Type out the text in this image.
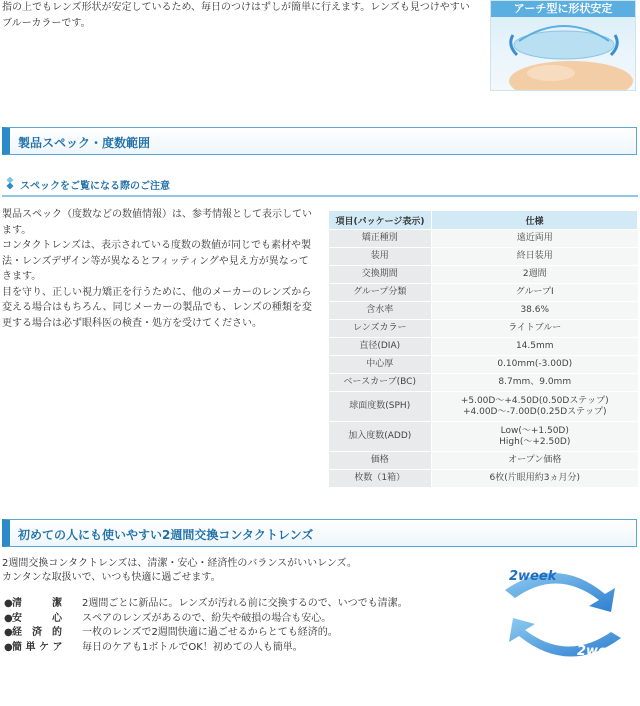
指の上でもレンズ形状が安定しているため、毎日のつけはずしが簡単に行えます。レンズも見つけやすい
ブルーカラーです。
アーチ型に形状安定
製品スペック・度数範囲
スペックをご覧になる際のご注意
製品スペック（度数などの数値情報）は、参考情報として表示しています。
コンタクトレンズは、表示されている度数の数値が同じでも素材や製法・レンズデザイン等が異なるとフィッティングや見え方が異なってきます。
目を守り、正しい視力矯正を行うために、他のメーカーのレンズから変える場合はもちろん、同じメーカーの製品でも、レンズの種類を変更する場合は必ず眼科医の検査・処方を受けてください。
項目(パッケージ表示)	仕様
矯正種別	遠近両用
装用	終日装用
交換期間	2週間
グループ分類	グループⅠ
含水率	38.6%
レンズカラー	ライトブルー
直径(DIA)	14.5mm
中心厚	0.10mm(-3.00D)
ベースカーブ(BC)	8.7mm、9.0mm
球面度数(SPH)	+5.00D～+4.50D(0.50Dステップ)
+4.00D～-7.00D(0.25Dステップ)

加入度数(ADD)	Low(～+1.50D)
High(～+2.50D)

価格	オープン価格
枚数（1箱）	6枚(片眼用約3ヵ月分)
初めての人にも使いやすい2週間交換コンタクトレンズ
2週間交換コンタクトレンズは、清潔・安心・経済性のバランスがいいレンズ。
カンタンな取扱いで、いつも快適に過ごせます。
● 清　　　潔	2週間ごとに新品に。レンズが汚れる前に交換するので、いつでも清潔。
● 安　　　心	スペアのレンズがあるので、紛失や破損の場合も安心。
● 経　済　的	一枚のレンズで2週間快適に過ごせるからとても経済的。
● 簡 単 ケ ア	毎日のケアも1ボトルでOK！初めての人も簡単。
2week
2week
